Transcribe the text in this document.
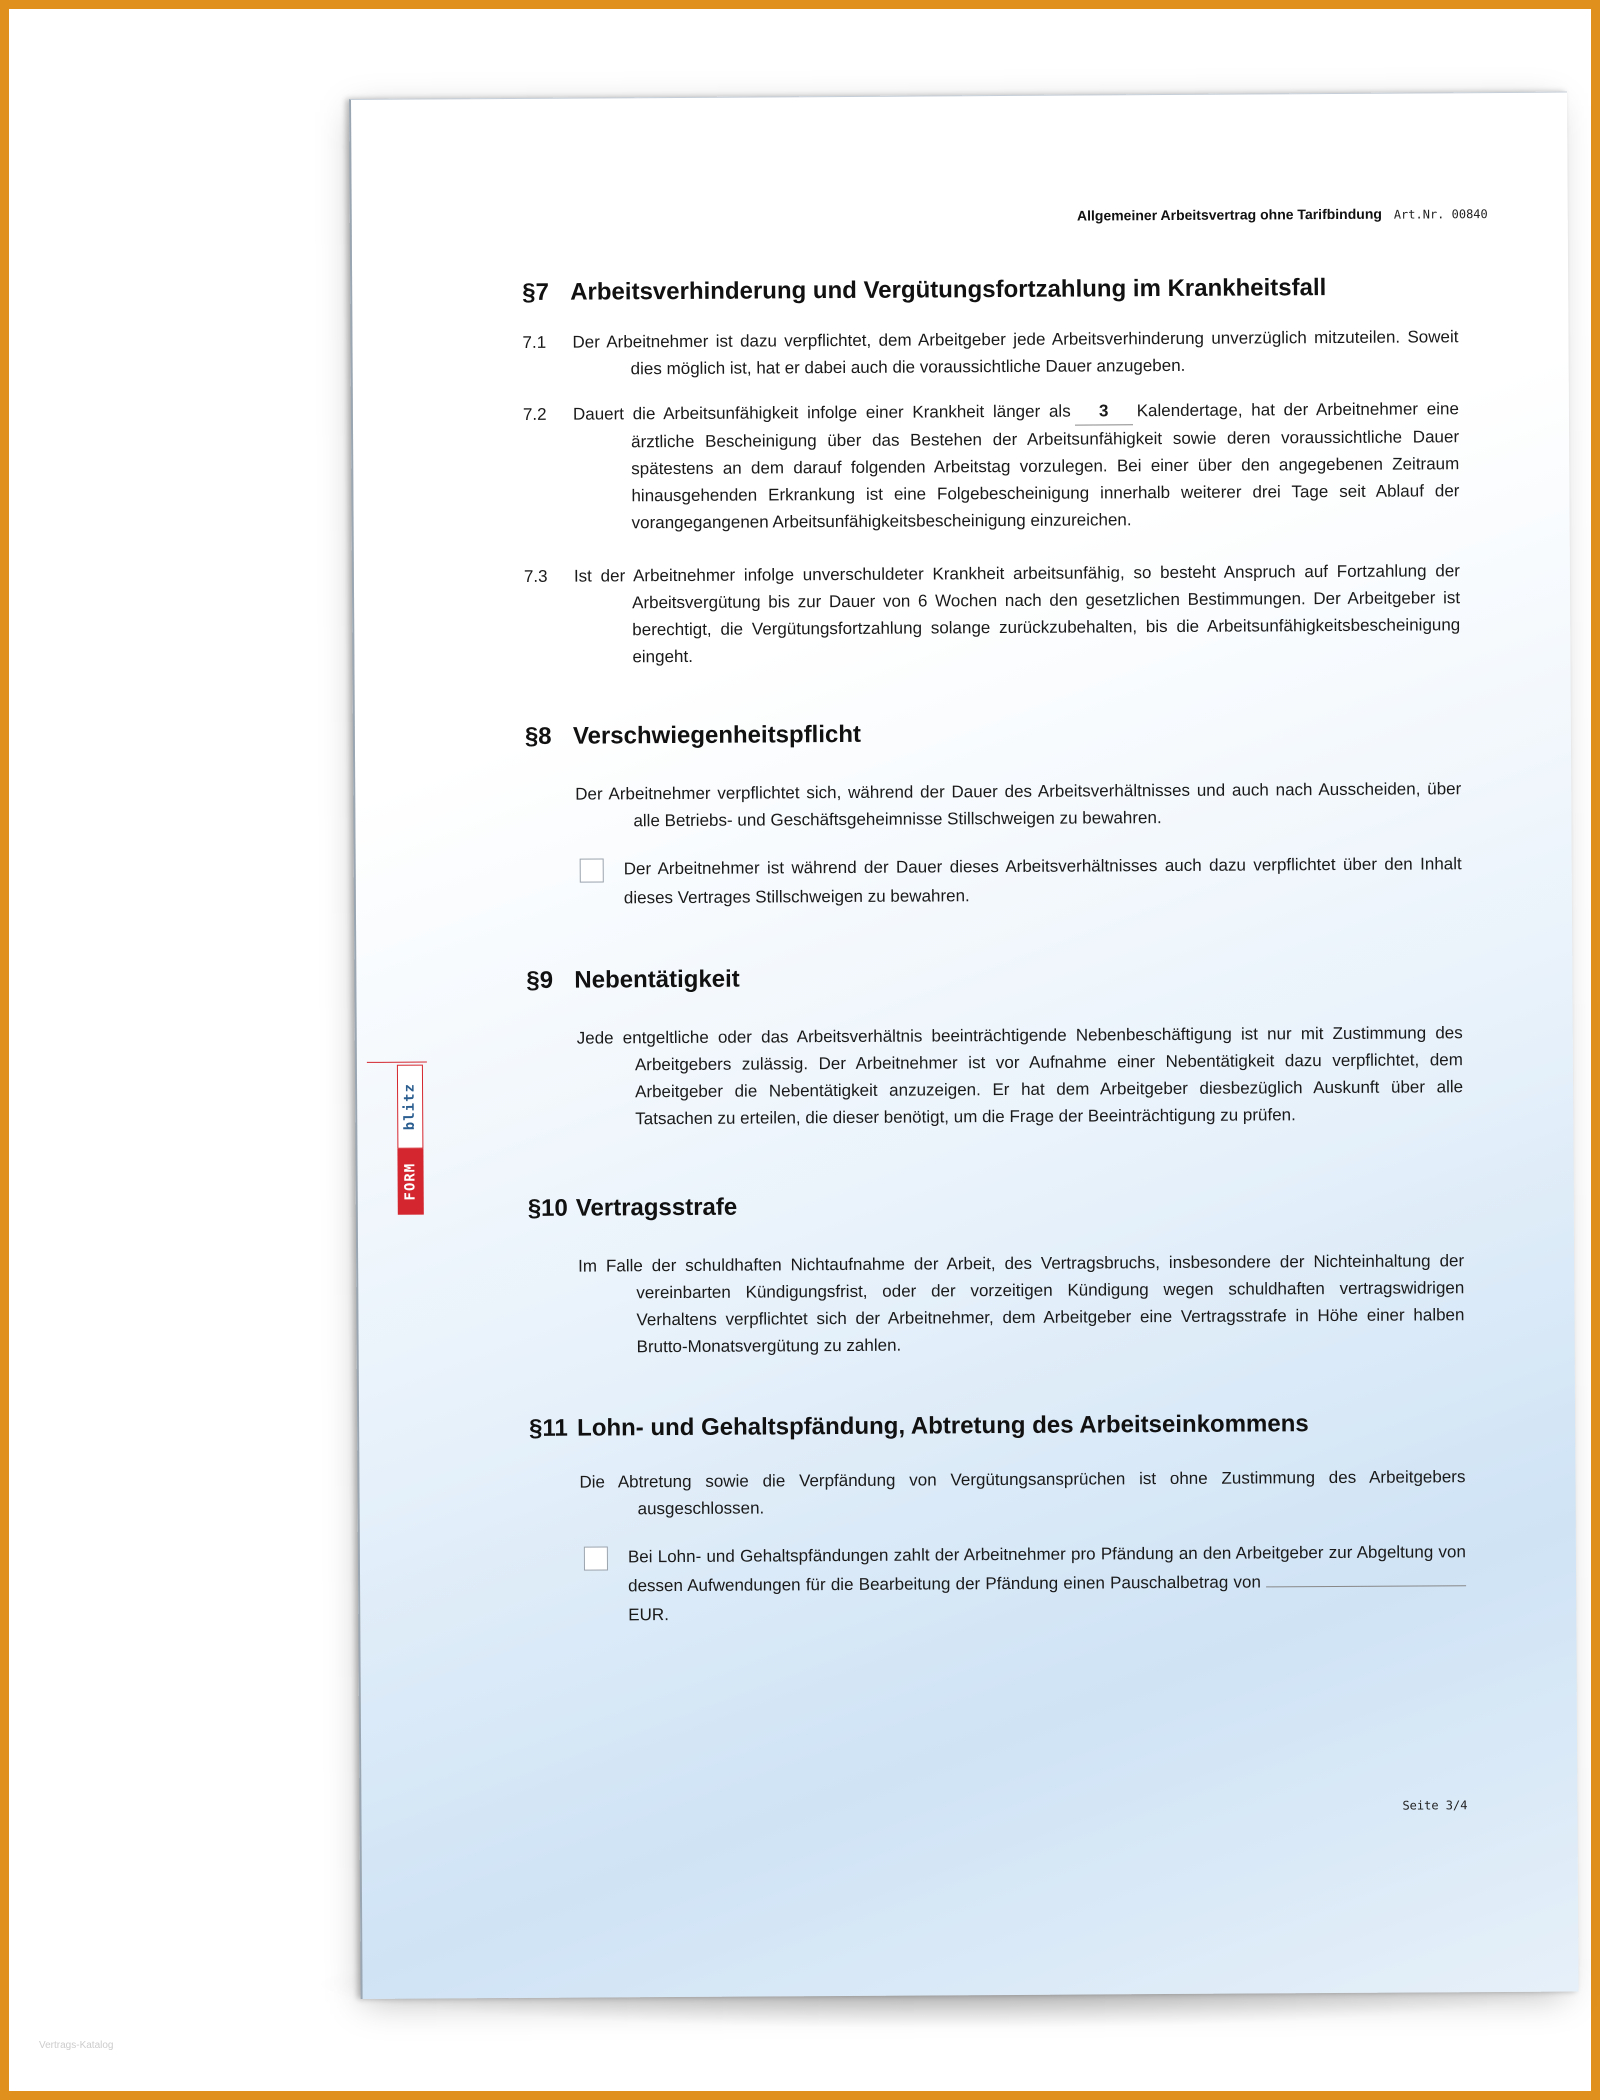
FORM
blitz
Allgemeiner Arbeitsvertrag ohne Tarifbindung Art.Nr. 00840
§7 Arbeitsverhinderung und Vergütungsfortzahlung im Krankheitsfall
7.1	Der Arbeitnehmer ist dazu verpflichtet, dem Arbeitgeber jede Arbeitsverhinderung unverzüglich mitzuteilen. Soweit dies möglich ist, hat er dabei auch die voraussichtliche Dauer anzugeben.
7.2	Dauert die Arbeitsunfähigkeit infolge einer Krankheit länger als 3 Kalendertage, hat der Arbeitnehmer eine ärztliche Bescheinigung über das Bestehen der Arbeitsunfähigkeit sowie deren voraussichtliche Dauer spätestens an dem darauf folgenden Arbeitstag vorzulegen. Bei einer über den angegebenen Zeitraum hinausgehenden Erkrankung ist eine Folgebescheinigung innerhalb weiterer drei Tage seit Ablauf der vorangegangenen Arbeitsunfähigkeitsbescheinigung einzureichen.
7.3	Ist der Arbeitnehmer infolge unverschuldeter Krankheit arbeitsunfähig, so besteht Anspruch auf Fortzahlung der Arbeitsvergütung bis zur Dauer von 6 Wochen nach den gesetzlichen Bestimmungen. Der Arbeitgeber ist berechtigt, die Vergütungsfortzahlung solange zurückzubehalten, bis die Arbeitsunfähigkeitsbescheinigung eingeht.
§8 Verschwiegenheitspflicht
Der Arbeitnehmer verpflichtet sich, während der Dauer des Arbeitsverhältnisses und auch nach Ausscheiden, über alle Betriebs- und Geschäftsgeheimnisse Stillschweigen zu bewahren.
Der Arbeitnehmer ist während der Dauer dieses Arbeitsverhältnisses auch dazu verpflichtet über den Inhalt dieses Vertrages Stillschweigen zu bewahren.
§9 Nebentätigkeit
Jede entgeltliche oder das Arbeitsverhältnis beeinträchtigende Nebenbeschäftigung ist nur mit Zustimmung des Arbeitgebers zulässig. Der Arbeitnehmer ist vor Aufnahme einer Nebentätigkeit dazu verpflichtet, dem Arbeitgeber die Nebentätigkeit anzuzeigen. Er hat dem Arbeitgeber diesbezüglich Auskunft über alle Tatsachen zu erteilen, die dieser benötigt, um die Frage der Beeinträchtigung zu prüfen.
§10 Vertragsstrafe
Im Falle der schuldhaften Nichtaufnahme der Arbeit, des Vertragsbruchs, insbesondere der Nichteinhaltung der vereinbarten Kündigungsfrist, oder der vorzeitigen Kündigung wegen schuldhaften vertragswidrigen Verhaltens verpflichtet sich der Arbeitnehmer, dem Arbeitgeber eine Vertragsstrafe in Höhe einer halben Brutto-Monatsvergütung zu zahlen.
§11 Lohn- und Gehaltspfändung, Abtretung des Arbeitseinkommens
Die Abtretung sowie die Verpfändung von Vergütungsansprüchen ist ohne Zustimmung des Arbeitgebers ausgeschlossen.
Bei Lohn- und Gehaltspfändungen zahlt der Arbeitnehmer pro Pfändung an den Arbeitgeber zur Abgeltung von dessen Aufwendungen für die Bearbeitung der Pfändung einen Pauschalbetrag von  EUR.
Seite 3/4
Vertrags-Katalog
